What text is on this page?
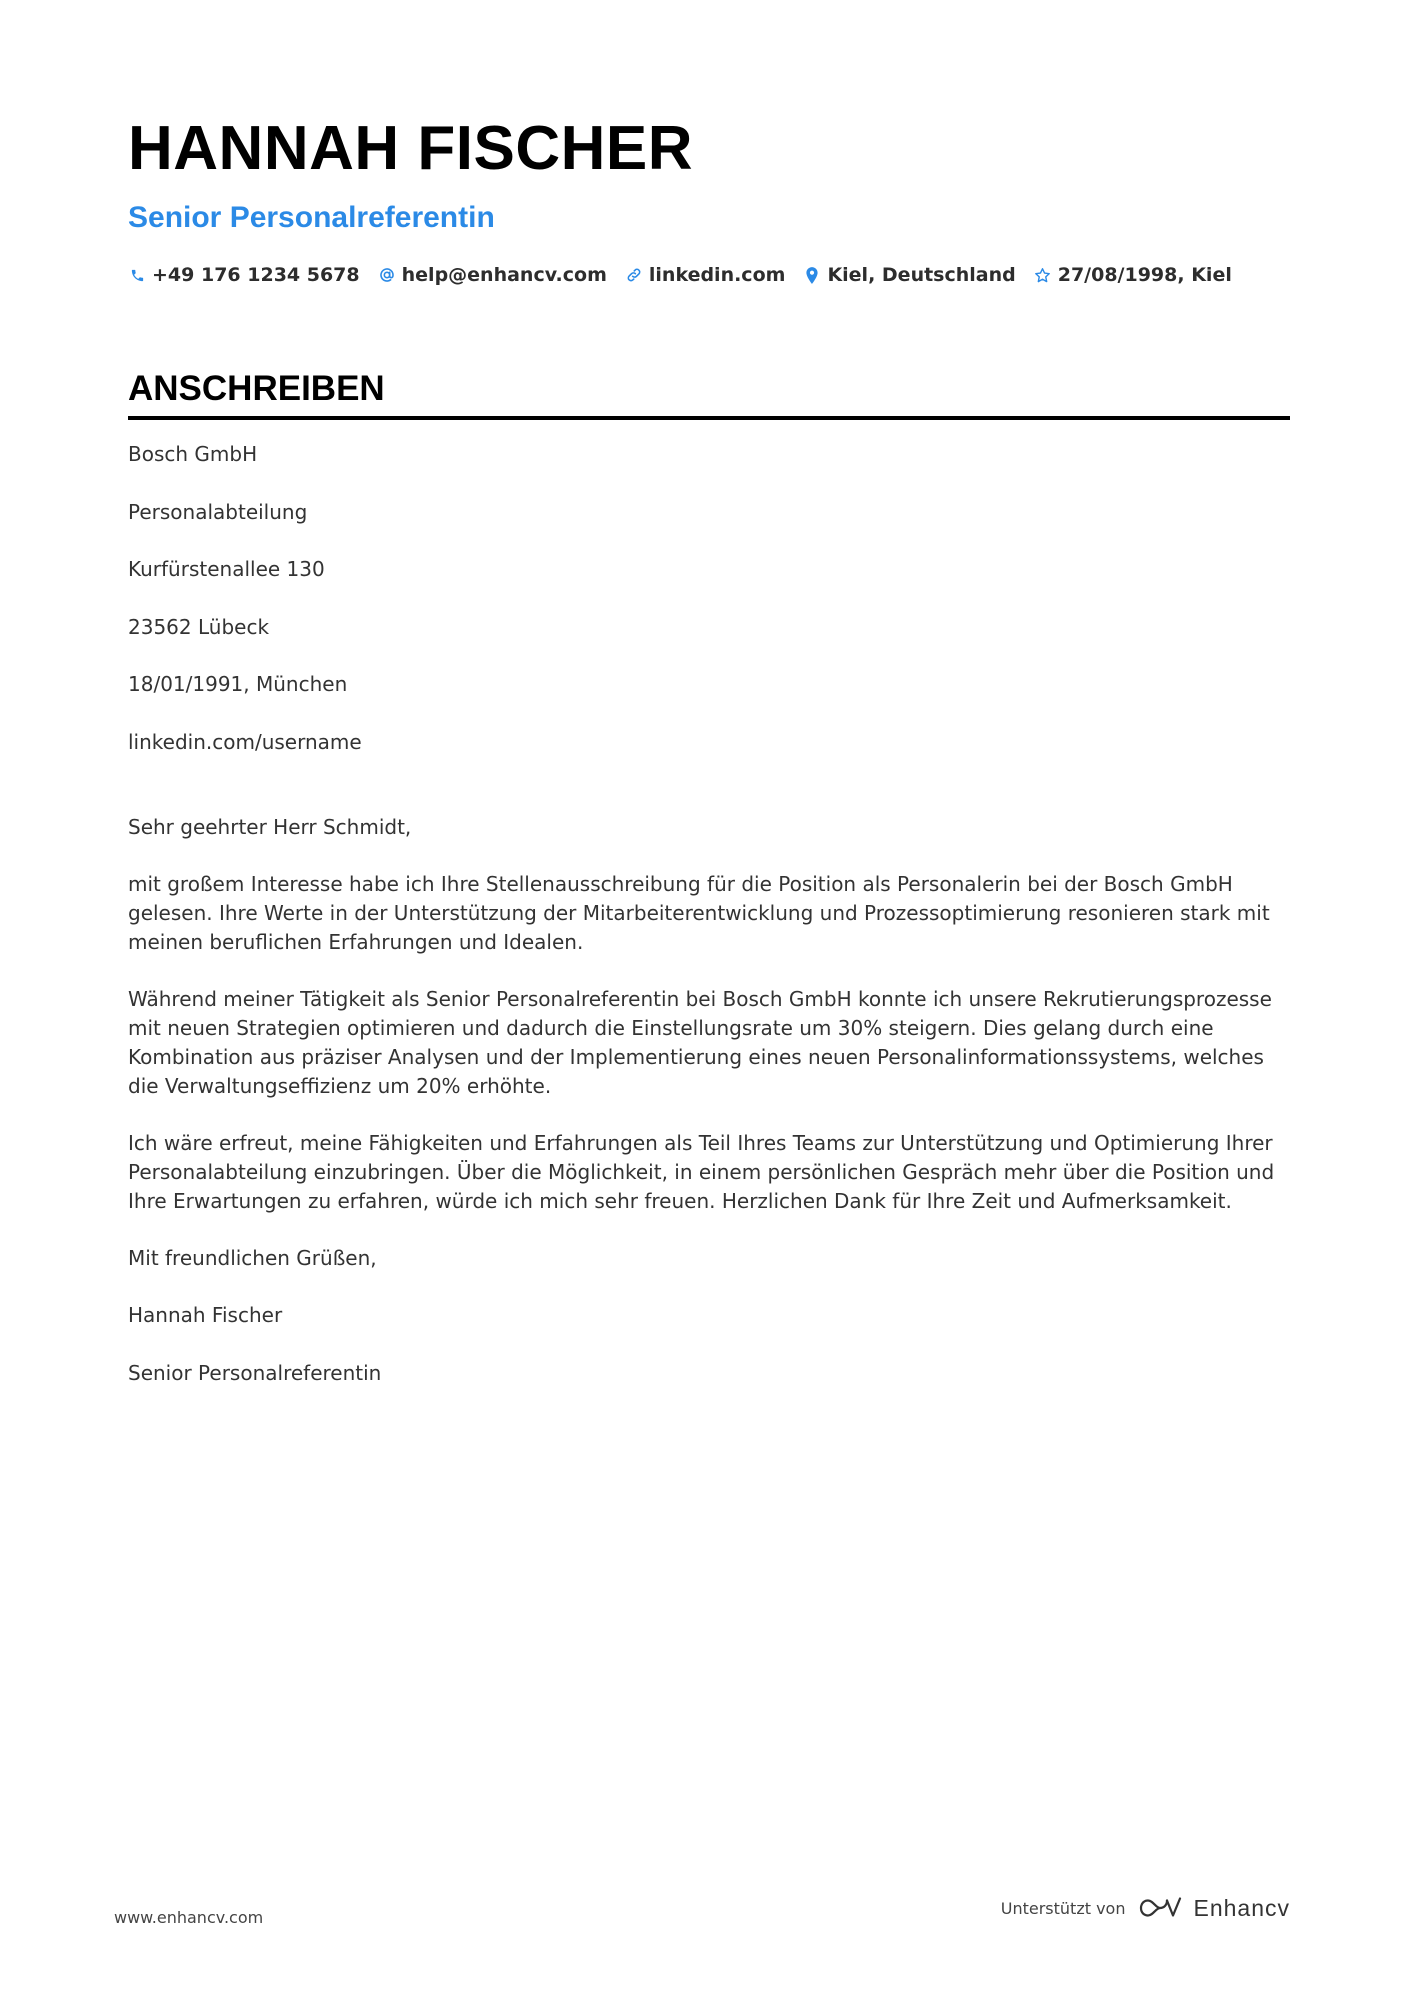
HANNAH FISCHER
Senior Personalreferentin
+49 176 1234 5678 help@enhancv.com linkedin.com Kiel, Deutschland 27/08/1998, Kiel
ANSCHREIBEN
Bosch GmbH
Personalabteilung
Kurfürstenallee 130
23562 Lübeck
18/01/1991, München
linkedin.com/username
Sehr geehrter Herr Schmidt,

mit großem Interesse habe ich Ihre Stellenausschreibung für die Position als Personalerin bei der Bosch GmbH gelesen. Ihre Werte in der Unterstützung der Mitarbeiterentwicklung und Prozessoptimierung resonieren stark mit meinen beruflichen Erfahrungen und Idealen.

Während meiner Tätigkeit als Senior Personalreferentin bei Bosch GmbH konnte ich unsere Rekrutierungsprozesse mit neuen Strategien optimieren und dadurch die Einstellungsrate um 30% steigern. Dies gelang durch eine Kombination aus präziser Analysen und der Implementierung eines neuen Personalinformationssystems, welches die Verwaltungseffizienz um 20% erhöhte.

Ich wäre erfreut, meine Fähigkeiten und Erfahrungen als Teil Ihres Teams zur Unterstützung und Optimierung Ihrer Personalabteilung einzubringen. Über die Möglichkeit, in einem persönlichen Gespräch mehr über die Position und Ihre Erwartungen zu erfahren, würde ich mich sehr freuen. Herzlichen Dank für Ihre Zeit und Aufmerksamkeit.

Mit freundlichen Grüßen,
Hannah Fischer
Senior Personalreferentin
www.enhancv.com	Unterstützt von	Enhancv
